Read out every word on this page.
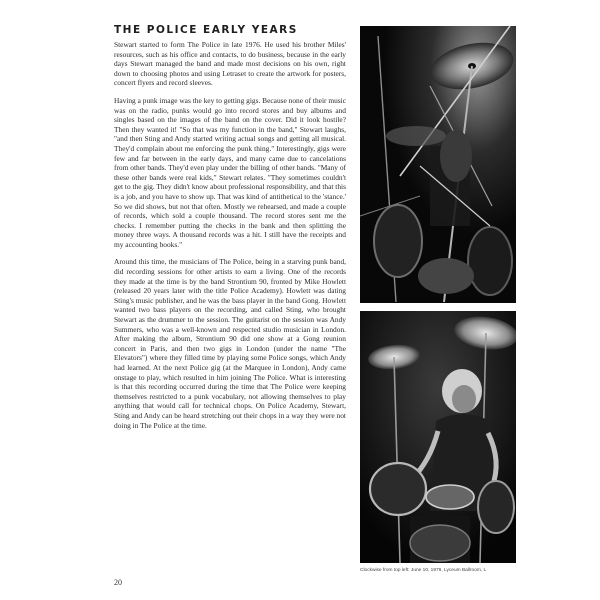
THE POLICE EARLY YEARS

Stewart started to form The Police in late 1976. He used his brother Miles' resources, such as his office and contacts, to do business, because in the early days Stewart managed the band and made most decisions on his own, right down to choosing photos and using Letraset to create the artwork for posters, concert flyers and record sleeves.

Having a punk image was the key to getting gigs. Because none of their music was on the radio, punks would go into record stores and buy albums and singles based on the images of the band on the cover. Did it look hostile? Then they wanted it! "So that was my function in the band," Stewart laughs, "and then Sting and Andy started writing actual songs and getting all musical. They'd complain about me enforcing the punk thing." Interestingly, gigs were few and far between in the early days, and many came due to cancelations from other bands. They'd even play under the billing of other bands. "Many of these other bands were real kids," Stewart relates. "They sometimes couldn't get to the gig. They didn't know about professional responsibility, and that this is a job, and you have to show up. That was kind of antithetical to the 'stance.' So we did shows, but not that often. Mostly we rehearsed, and made a couple of records, which sold a couple thousand. The record stores sent me the checks. I remember putting the checks in the bank and then splitting the money three ways. A thousand records was a hit. I still have the receipts and my accounting books."

Around this time, the musicians of The Police, being in a starving punk band, did recording sessions for other artists to earn a living. One of the records they made at the time is by the band Strontium 90, fronted by Mike Howlett (released 20 years later with the title Police Academy). Howlett was dating Sting's music publisher, and he was the bass player in the band Gong. Howlett wanted two bass players on the recording, and called Sting, who brought Stewart as the drummer to the session. The guitarist on the session was Andy Summers, who was a well-known and respected studio musician in London. After making the album, Strontium 90 did one show at a Gong reunion concert in Paris, and then two gigs in London (under the name "The Elevators") where they filled time by playing some Police songs, which Andy had learned. At the next Police gig (at the Marquee in London), Andy came onstage to play, which resulted in him joining The Police. What is interesting is that this recording occurred during the time that The Police were keeping themselves restricted to a punk vocabulary, not allowing themselves to play anything that would call for technical chops. On Police Academy, Stewart, Sting and Andy can be heard stretching out their chops in a way they were not doing in The Police at the time.

Clockwise from top left: June 10, 1979, Lyceum Ballroom, L
20
